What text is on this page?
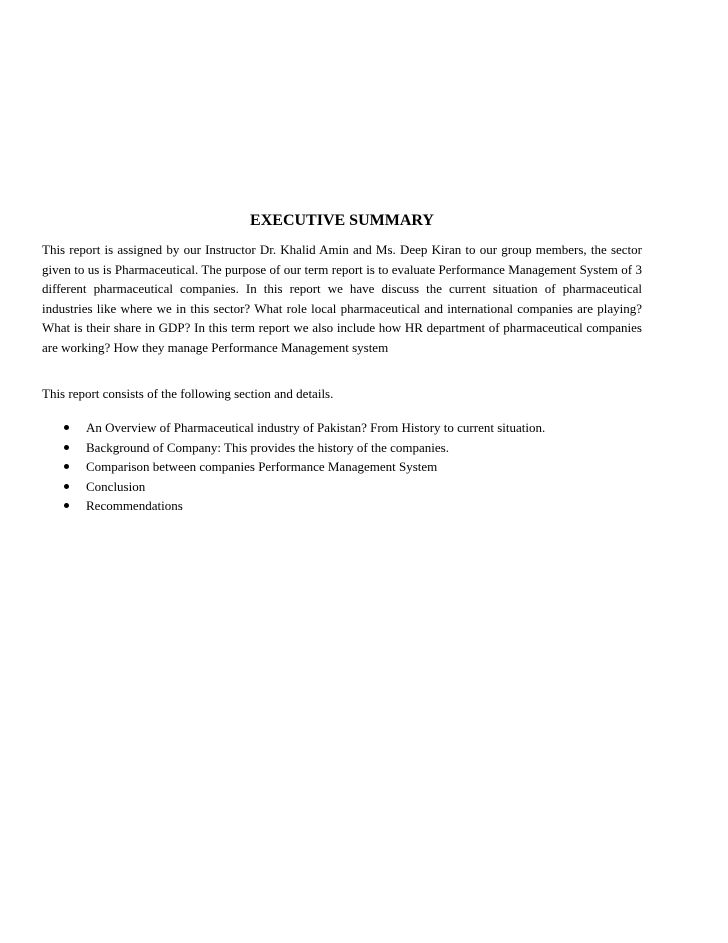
EXECUTIVE SUMMARY

This report is assigned by our Instructor Dr. Khalid Amin and Ms. Deep Kiran to our group members, the sector given to us is Pharmaceutical. The purpose of our term report is to evaluate Performance Management System of 3 different pharmaceutical companies. In this report we have discuss the current situation of pharmaceutical industries like where we in this sector? What role local pharmaceutical and international companies are playing? What is their share in GDP? In this term report we also include how HR department of pharmaceutical companies are working? How they manage Performance Management system

This report consists of the following section and details.

An Overview of Pharmaceutical industry of Pakistan? From History to current situation.
Background of Company: This provides the history of the companies.
Comparison between companies Performance Management System
Conclusion
Recommendations
